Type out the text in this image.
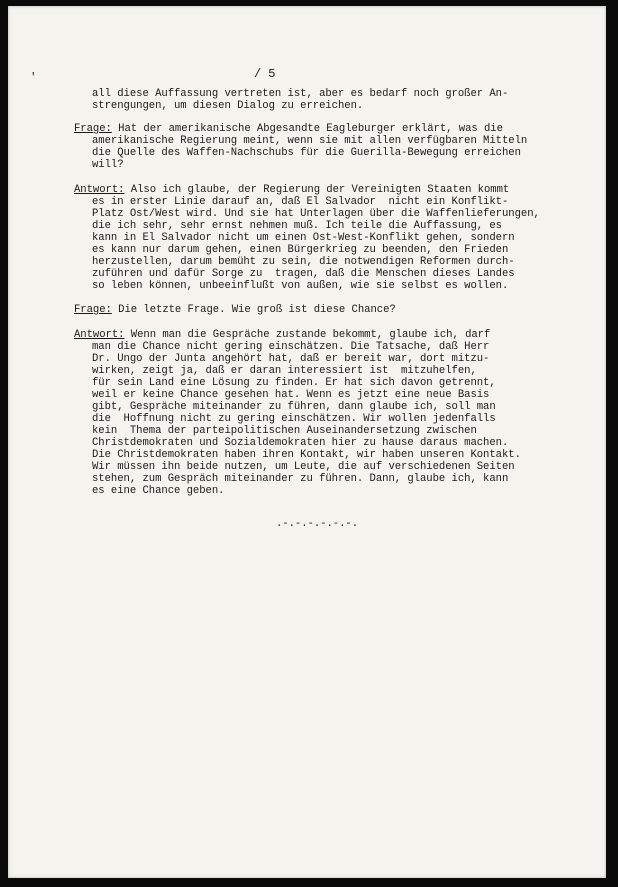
'	/ 5
all diese Auffassung vertreten ist, aber es bedarf noch großer An-
strengungen, um diesen Dialog zu erreichen.
Frage: Hat der amerikanische Abgesandte Eagleburger erklärt, was die
amerikanische Regierung meint, wenn sie mit allen verfügbaren Mitteln
die Quelle des Waffen-Nachschubs für die Guerilla-Bewegung erreichen
will?
Antwort: Also ich glaube, der Regierung der Vereinigten Staaten kommt
es in erster Linie darauf an, daß El Salvador  nicht ein Konflikt-
Platz Ost/West wird. Und sie hat Unterlagen über die Waffenlieferungen,
die ich sehr, sehr ernst nehmen muß. Ich teile die Auffassung, es
kann in El Salvador nicht um einen Ost-West-Konflikt gehen, sondern
es kann nur darum gehen, einen Bürgerkrieg zu beenden, den Frieden
herzustellen, darum bemüht zu sein, die notwendigen Reformen durch-
zuführen und dafür Sorge zu  tragen, daß die Menschen dieses Landes
so leben können, unbeeinflußt von außen, wie sie selbst es wollen.
Frage: Die letzte Frage. Wie groß ist diese Chance?
Antwort: Wenn man die Gespräche zustande bekommt, glaube ich, darf
man die Chance nicht gering einschätzen. Die Tatsache, daß Herr
Dr. Ungo der Junta angehört hat, daß er bereit war, dort mitzu-
wirken, zeigt ja, daß er daran interessiert ist  mitzuhelfen,
für sein Land eine Lösung zu finden. Er hat sich davon getrennt,
weil er keine Chance gesehen hat. Wenn es jetzt eine neue Basis
gibt, Gespräche miteinander zu führen, dann glaube ich, soll man
die  Hoffnung nicht zu gering einschätzen. Wir wollen jedenfalls
kein  Thema der parteipolitischen Auseinandersetzung zwischen
Christdemokraten und Sozialdemokraten hier zu hause daraus machen.
Die Christdemokraten haben ihren Kontakt, wir haben unseren Kontakt.
Wir müssen ihn beide nutzen, um Leute, die auf verschiedenen Seiten
stehen, zum Gespräch miteinander zu führen. Dann, glaube ich, kann
es eine Chance geben.
.-.-.-.-.-.-.
